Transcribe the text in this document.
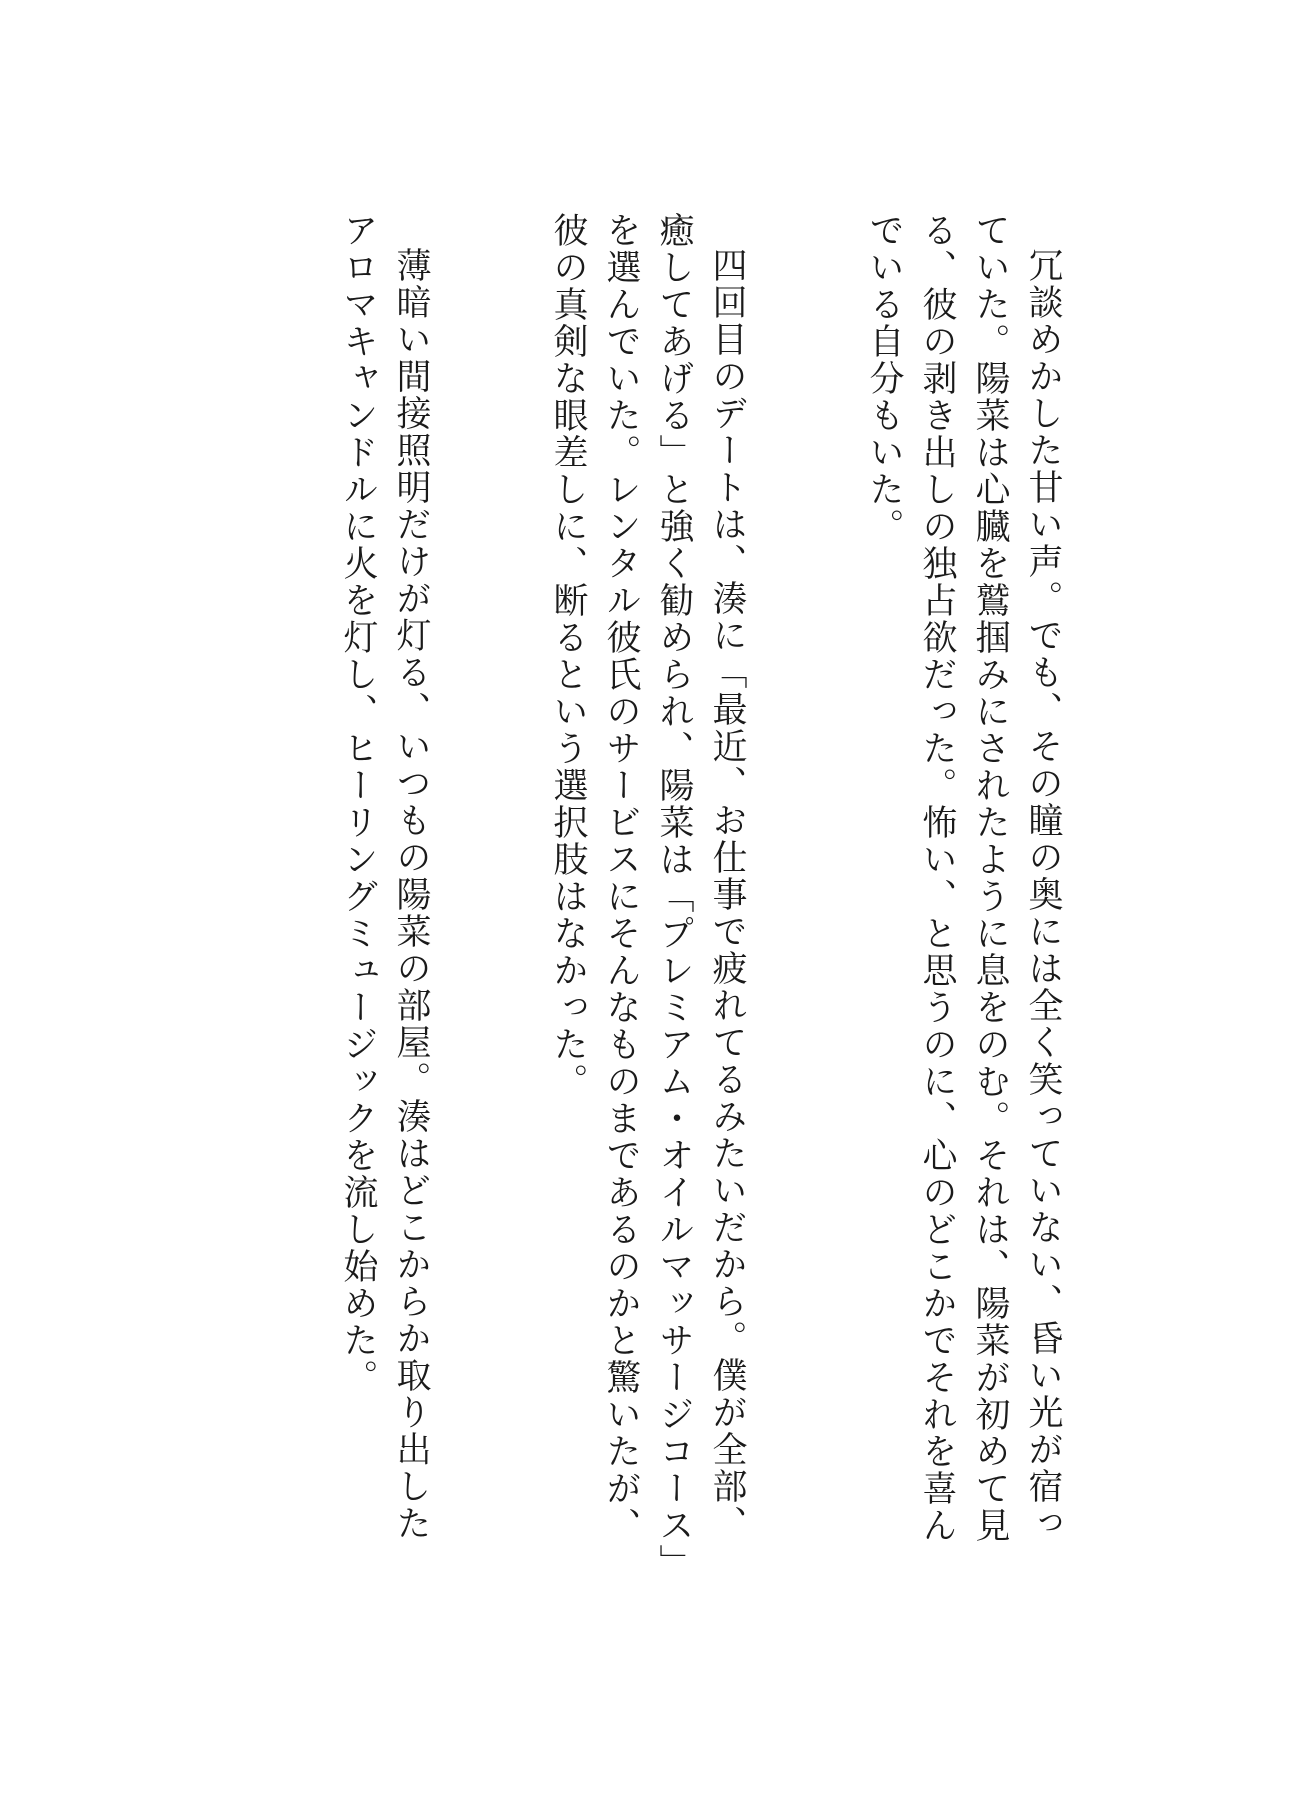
冗談めかした甘い声。でも、その瞳の奥には全く笑っていない、昏い光が宿っていた。陽菜は心臓を鷲掴みにされたように息をのむ。それは、陽菜が初めて見る、彼の剥き出しの独占欲だった。怖い、と思うのに、心のどこかでそれを喜んでいる自分もいた。

四回目のデートは、湊に「最近、お仕事で疲れてるみたいだから。僕が全部、癒してあげる」と強く勧められ、陽菜は「プレミアム・オイルマッサージコース」を選んでいた。レンタル彼氏のサービスにそんなものまであるのかと驚いたが、彼の真剣な眼差しに、断るという選択肢はなかった。

薄暗い間接照明だけが灯る、いつもの陽菜の部屋。湊はどこからか取り出したアロマキャンドルに火を灯し、ヒーリングミュージックを流し始めた。
